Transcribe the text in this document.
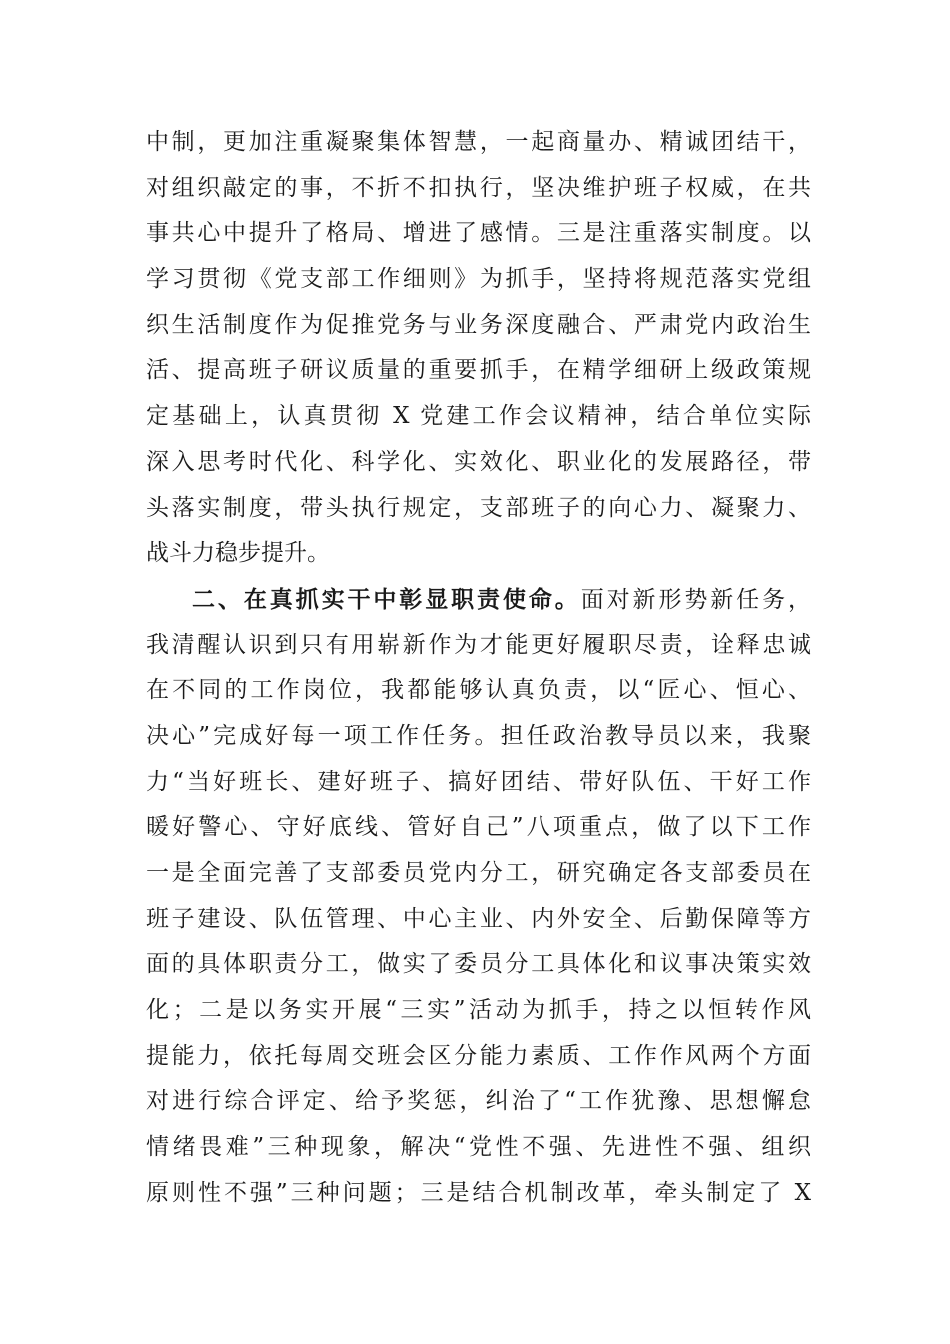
中制，更加注重凝聚集体智慧，一起商量办、精诚团结干，
对组织敲定的事，不折不扣执行，坚决维护班子权威，在共
事共心中提升了格局、增进了感情。三是注重落实制度。以
学习贯彻《党支部工作细则》为抓手，坚持将规范落实党组
织生活制度作为促推党务与业务深度融合、严肃党内政治生
活、提高班子研议质量的重要抓手，在精学细研上级政策规
定基础上，认真贯彻 X 党建工作会议精神，结合单位实际
深入思考时代化、科学化、实效化、职业化的发展路径，带
头落实制度，带头执行规定，支部班子的向心力、凝聚力、
战斗力稳步提升。
二、在真抓实干中彰显职责使命。面对新形势新任务，
我清醒认识到只有用崭新作为才能更好履职尽责，诠释忠诚
在不同的工作岗位，我都能够认真负责，以“匠心、恒心、
决心”完成好每一项工作任务。担任政治教导员以来，我聚
力“当好班长、建好班子、搞好团结、带好队伍、干好工作
暖好警心、守好底线、管好自己”八项重点，做了以下工作
一是全面完善了支部委员党内分工，研究确定各支部委员在
班子建设、队伍管理、中心主业、内外安全、后勤保障等方
面的具体职责分工，做实了委员分工具体化和议事决策实效
化；二是以务实开展“三实”活动为抓手，持之以恒转作风
提能力，依托每周交班会区分能力素质、工作作风两个方面
对进行综合评定、给予奖惩，纠治了“工作犹豫、思想懈怠
情绪畏难”三种现象，解决“党性不强、先进性不强、组织
原则性不强”三种问题；三是结合机制改革，牵头制定了 X
